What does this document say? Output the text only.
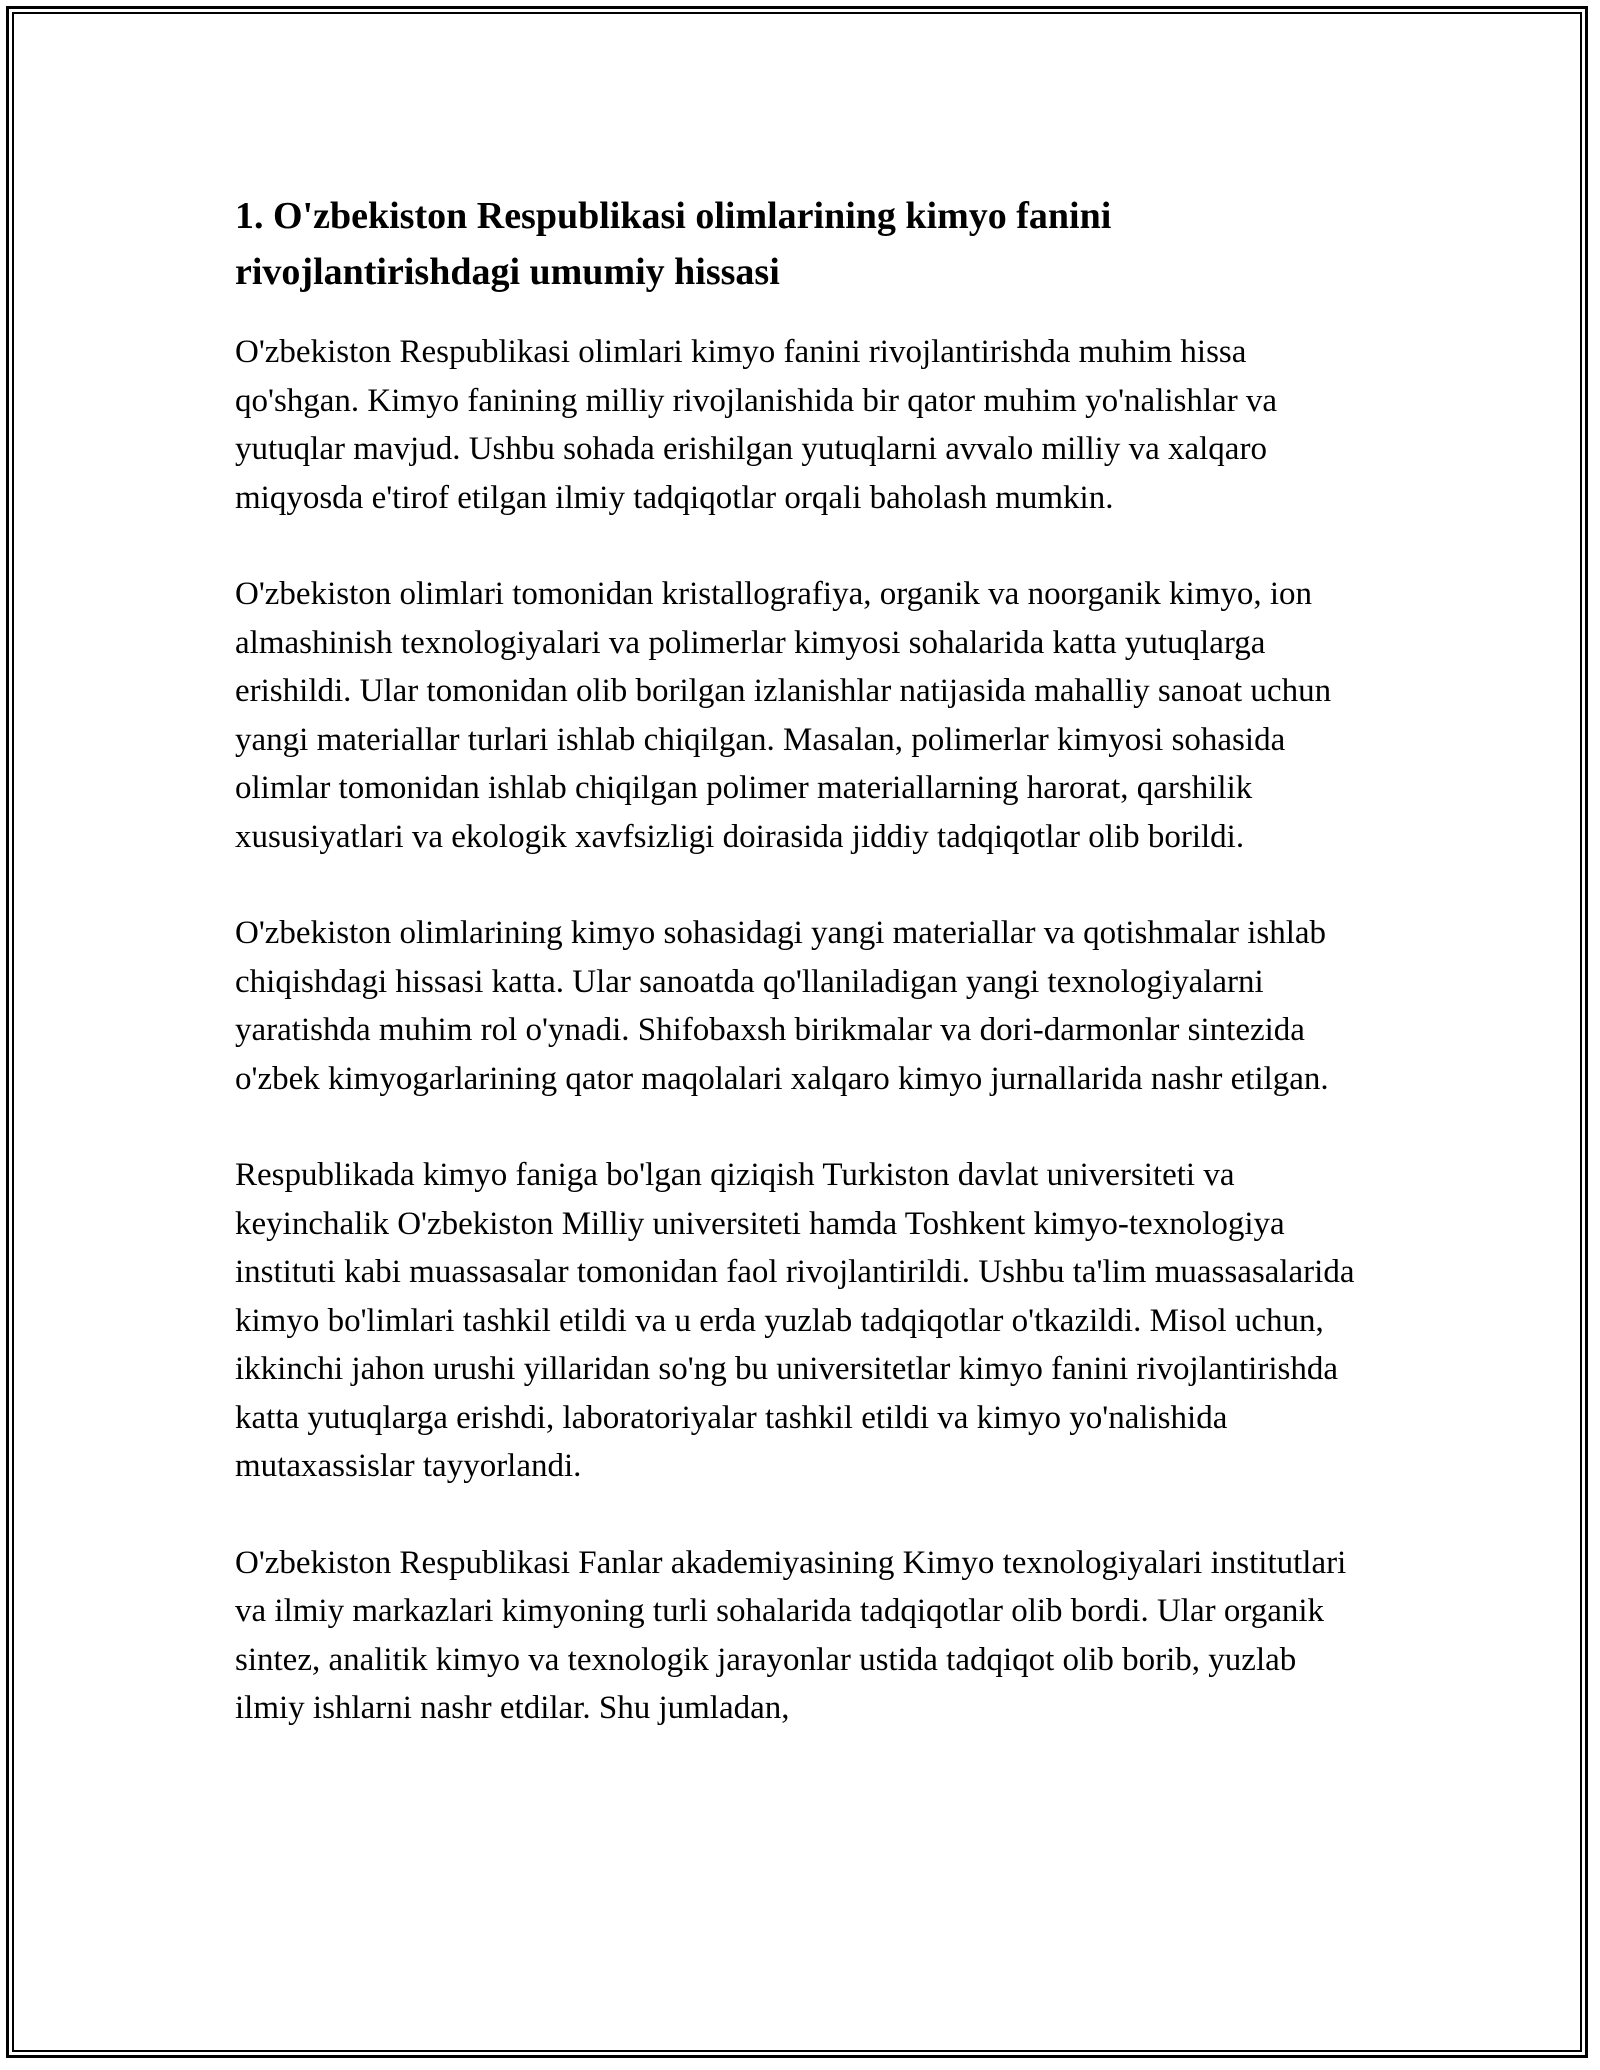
1. O'zbekiston Respublikasi olimlarining kimyo fanini rivojlantirishdagi umumiy hissasi

O'zbekiston Respublikasi olimlari kimyo fanini rivojlantirishda muhim hissa qo'shgan. Kimyo fanining milliy rivojlanishida bir qator muhim yo'nalishlar va yutuqlar mavjud. Ushbu sohada erishilgan yutuqlarni avvalo milliy va xalqaro miqyosda e'tirof etilgan ilmiy tadqiqotlar orqali baholash mumkin.

O'zbekiston olimlari tomonidan kristallografiya, organik va noorganik kimyo, ion almashinish texnologiyalari va polimerlar kimyosi sohalarida katta yutuqlarga erishildi. Ular tomonidan olib borilgan izlanishlar natijasida mahalliy sanoat uchun yangi materiallar turlari ishlab chiqilgan. Masalan, polimerlar kimyosi sohasida olimlar tomonidan ishlab chiqilgan polimer materiallarning harorat, qarshilik xususiyatlari va ekologik xavfsizligi doirasida jiddiy tadqiqotlar olib borildi.

O'zbekiston olimlarining kimyo sohasidagi yangi materiallar va qotishmalar ishlab chiqishdagi hissasi katta. Ular sanoatda qo'llaniladigan yangi texnologiyalarni yaratishda muhim rol o'ynadi. Shifobaxsh birikmalar va dori-darmonlar sintezida o'zbek kimyogarlarining qator maqolalari xalqaro kimyo jurnallarida nashr etilgan.

Respublikada kimyo faniga bo'lgan qiziqish Turkiston davlat universiteti va keyinchalik O'zbekiston Milliy universiteti hamda Toshkent kimyo-texnologiya instituti kabi muassasalar tomonidan faol rivojlantirildi. Ushbu ta'lim muassasalarida kimyo bo'limlari tashkil etildi va u erda yuzlab tadqiqotlar o'tkazildi. Misol uchun, ikkinchi jahon urushi yillaridan so'ng bu universitetlar kimyo fanini rivojlantirishda katta yutuqlarga erishdi, laboratoriyalar tashkil etildi va kimyo yo'nalishida mutaxassislar tayyorlandi.

O'zbekiston Respublikasi Fanlar akademiyasining Kimyo texnologiyalari institutlari va ilmiy markazlari kimyoning turli sohalarida tadqiqotlar olib bordi. Ular organik sintez, analitik kimyo va texnologik jarayonlar ustida tadqiqot olib borib, yuzlab ilmiy ishlarni nashr etdilar. Shu jumladan,
